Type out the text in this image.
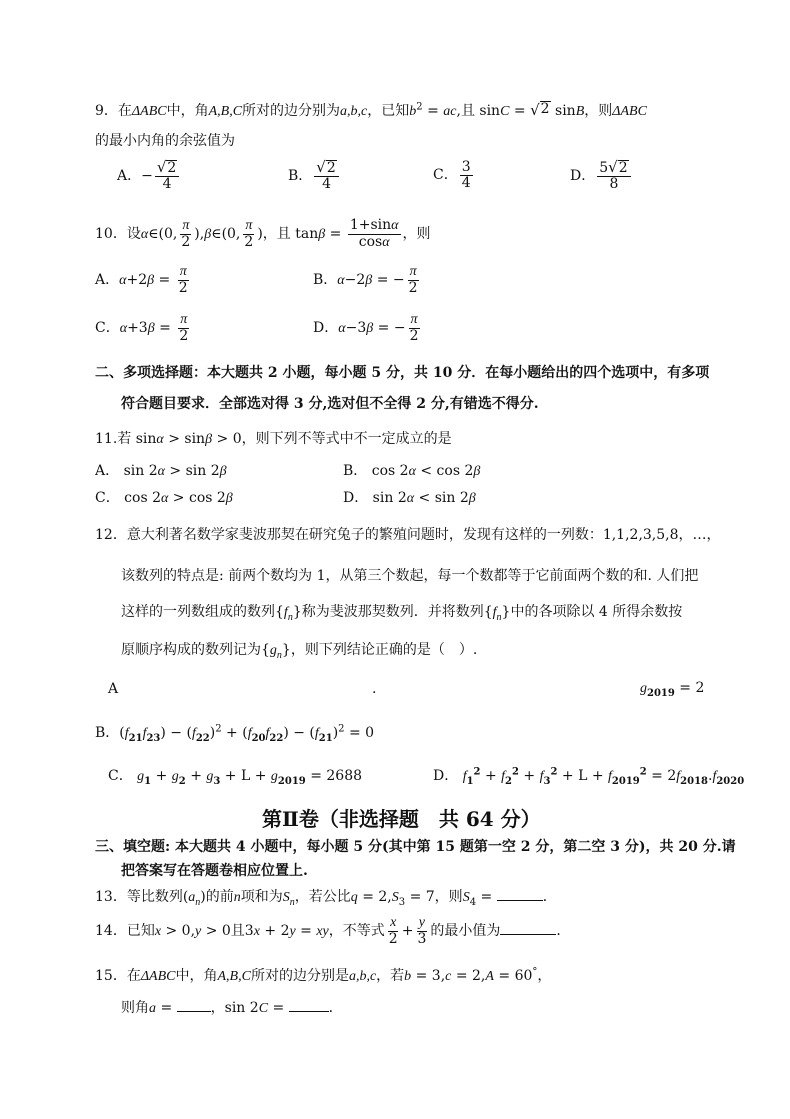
9．在ΔABC中，角A,B,C所对的边分别为a,b,c，已知$b^2$ = ac,且 sinC = √ 2 sinB，则ΔABC
的最小内角的余弦值为
A．− $\frac{√ 2}{4}$	B． $\frac{√ 2}{4}$	C． $\frac{3}{4}$	D． $\frac{5 √ 2}{8}$
10．设α∈(0, $\frac{\pi}{2}$ ),β∈(0, $\frac{\pi}{2}$ )，且 $\tan\beta = \frac{1+\sin\alpha}{\cos\alpha}$ ，则
A．$\alpha+2\beta = \frac{\pi}{2}$	B．α−2β = − $\frac{\pi}{2}$
C．$\alpha+3\beta = \frac{\pi}{2}$	D．α−3β = − $\frac{\pi}{2}$
二、多项选择题：本大题共 2 小题，每小题 5 分，共 10 分．在每小题给出的四个选项中，有多项
符合题目要求．全部选对得 3 分,选对但不全得 2 分,有错选不得分.
11.若 sinα > sinβ > 0，则下列不等式中不一定成立的是
A． sin 2α > sin 2β	B． cos 2α < cos 2β
C． cos 2α > cos 2β	D． sin 2α < sin 2β
12．意大利著名数学家斐波那契在研究兔子的繁殖问题时，发现有这样的一列数：1,1,2,3,5,8，…，
该数列的特点是: 前两个数均为 1，从第三个数起，每一个数都等于它前面两个数的和. 人们把
这样的一列数组成的数列$\{f_n\}$称为斐波那契数列．并将数列$\{f_n\}$中的各项除以 4 所得余数按
原顺序构成的数列记为$\{g_n\}$，则下列结论正确的是（　）.
A	.	$g_{2019} = 2$
B．$(f_{21}f_{23}) - (f_{22})^2 + (f_{20}f_{22}) - (f_{21})^2 = 0$
C． $g_1 + g_2 + g_3 + L + g_{2019} = 2688$	D． $f_1^2 + f_2^2 + f_3^2 + L + f_{2019}^2 = 2f_{2018}.f_{2020}$
第Ⅱ卷（非选择题　共 64 分）
三、填空题: 本大题共 4 小题中，每小题 5 分(其中第 15 题第一空 2 分，第二空 3 分)，共 20 分.请
把答案写在答题卷相应位置上.
13．等比数列$(a_n)$的前n项和为$S_n$，若公比$q = 2,S_3 = 7$，则$S_4$ =	．
14．已知x > 0,y > 0且3x + 2y = xy，不等式 $\frac{x}{2} + \frac{y}{3}$ 的最小值为	．
15．在ΔABC中，角A,B,C所对的边分别是a,b,c，若b = 3,c = 2,A = 60°，
则角a = ，sin 2C =	．
